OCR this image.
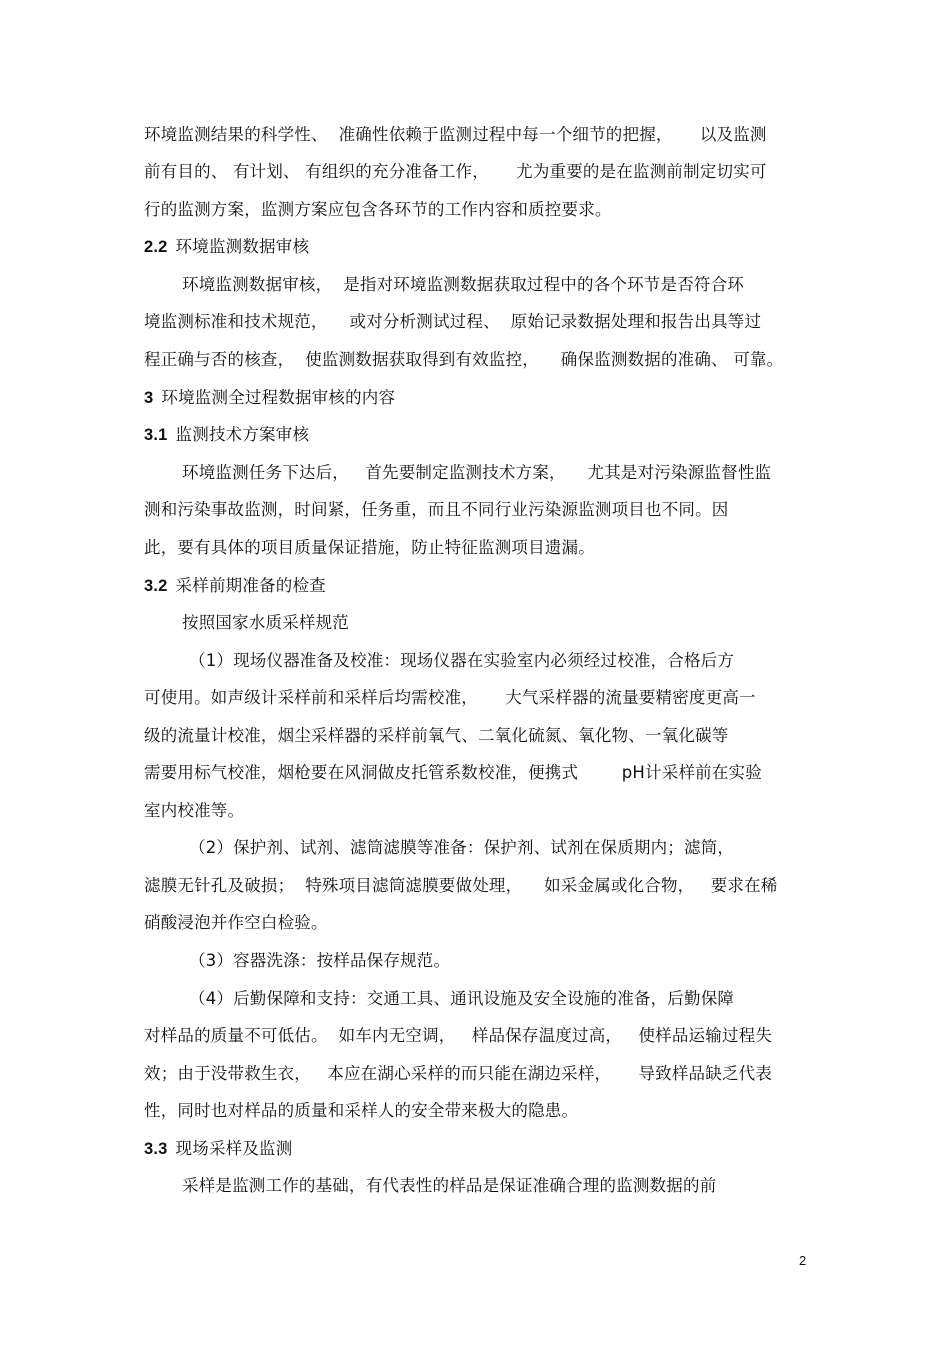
环境监测结果的科学性、  准确性依赖于监测过程中每一个细节的把握，     以及监测
前有目的、 有计划、 有组织的充分准备工作，     尤为重要的是在监测前制定切实可
行的监测方案，监测方案应包含各环节的工作内容和质控要求。
2.2 环境监测数据审核
环境监测数据审核，  是指对环境监测数据获取过程中的各个环节是否符合环
境监测标准和技术规范，    或对分析测试过程、  原始记录数据处理和报告出具等过
程正确与否的核查，  使监测数据获取得到有效监控，    确保监测数据的准确、 可靠。
3 环境监测全过程数据审核的内容
3.1 监测技术方案审核
环境监测任务下达后，   首先要制定监测技术方案，    尤其是对污染源监督性监
测和污染事故监测，时间紧，任务重，而且不同行业污染源监测项目也不同。因
此，要有具体的项目质量保证措施，防止特征监测项目遗漏。
3.2 采样前期准备的检查
按照国家水质采样规范
（1）现场仪器准备及校准：现场仪器在实验室内必须经过校准，合格后方
可使用。如声级计采样前和采样后均需校准，     大气采样器的流量要精密度更高一
级的流量计校准，烟尘采样器的采样前氧气、二氧化硫氮、氧化物、一氧化碳等
需要用标气校准，烟枪要在风洞做皮托管系数校准，便携式        pH计采样前在实验
室内校准等。
（2）保护剂、试剂、滤筒滤膜等准备：保护剂、试剂在保质期内；滤筒，
滤膜无针孔及破损；  特殊项目滤筒滤膜要做处理，    如采金属或化合物，   要求在稀
硝酸浸泡并作空白检验。
（3）容器洗涤：按样品保存规范。
（4）后勤保障和支持：交通工具、通讯设施及安全设施的准备，后勤保障
对样品的质量不可低估。  如车内无空调，   样品保存温度过高，   使样品运输过程失
效；由于没带救生衣，   本应在湖心采样的而只能在湖边采样，     导致样品缺乏代表
性，同时也对样品的质量和采样人的安全带来极大的隐患。
3.3 现场采样及监测
采样是监测工作的基础，有代表性的样品是保证准确合理的监测数据的前
2
